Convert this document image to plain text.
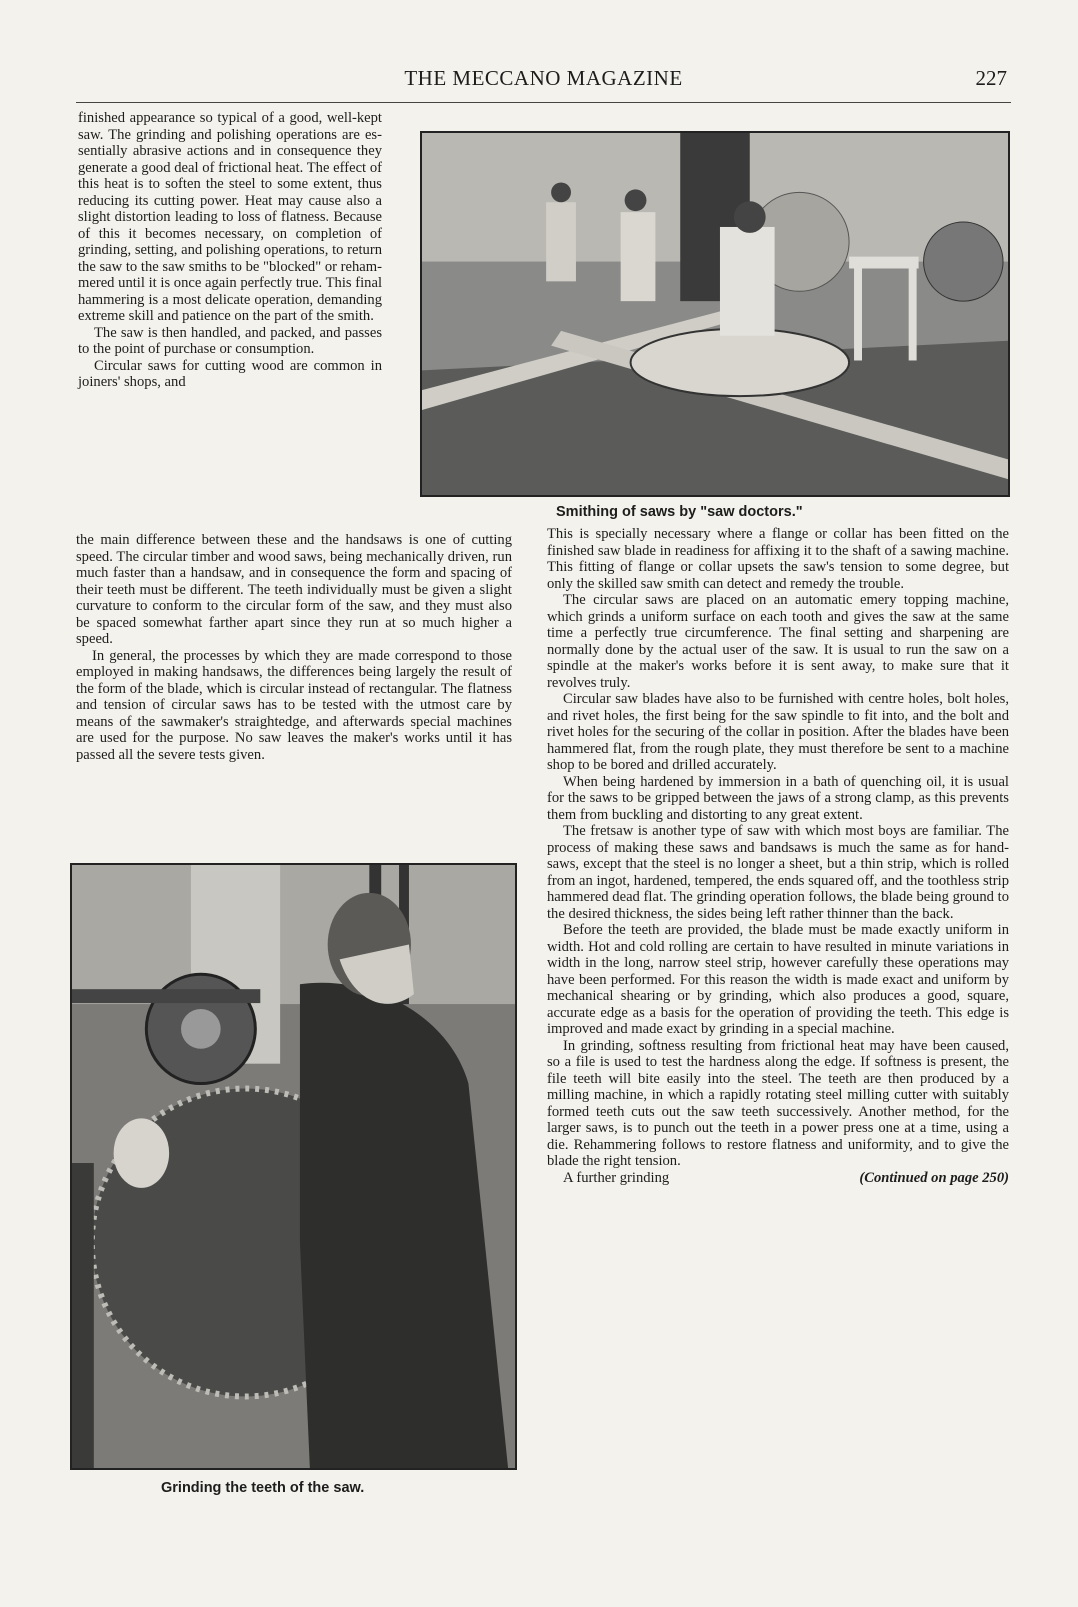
THE MECCANO MAGAZINE	227

finished appearance so typical of a good, well-kept saw. The grinding and polishing operations are essentially abrasive actions and in consequence they generate a good deal of frictional heat. The effect of this heat is to soften the steel to some extent, thus reducing its cutting power. Heat may cause also a slight distortion leading to loss of flatness. Because of this it becomes necessary, on completion of grinding, setting, and polishing operations, to return the saw to the saw smiths to be "blocked" or rehammered until it is once again perfectly true. This final hammering is a most delicate operation, demanding extreme skill and patience on the part of the smith.

The saw is then handled, and packed, and passes to the point of purchase or consumption.

Circular saws for cutting wood are common in joiners' shops, and

the main difference between these and the handsaws is one of cutting speed. The circular timber and wood saws, being mechanically driven, run much faster than a handsaw, and in consequence the form and spacing of their teeth must be different. The teeth individually must be given a slight curvature to conform to the circular form of the saw, and they must also be spaced somewhat farther apart since they run at so much higher a speed.

In general, the processes by which they are made correspond to those employed in making handsaws, the differences being largely the result of the form of the blade, which is circular instead of rectangular. The flatness and tension of circular saws has to be tested with the utmost care by means of the sawmaker's straightedge, and afterwards special machines are used for the purpose. No saw leaves the maker's works until it has passed all the severe tests given.

Smithing of saws by "saw doctors."

This is specially necessary where a flange or collar has been fitted on the finished saw blade in readiness for affixing it to the shaft of a sawing machine. This fitting of flange or collar upsets the saw's tension to some degree, but only the skilled saw smith can detect and remedy the trouble.

The circular saws are placed on an automatic emery topping machine, which grinds a uniform surface on each tooth and gives the saw at the same time a perfectly true circumference. The final setting and sharpening are normally done by the actual user of the saw. It is usual to run the saw on a spindle at the maker's works before it is sent away, to make sure that it revolves truly.

Circular saw blades have also to be furnished with centre holes, bolt holes, and rivet holes, the first being for the saw spindle to fit into, and the bolt and rivet holes for the securing of the collar in position. After the blades have been hammered flat, from the rough plate, they must therefore be sent to a machine shop to be bored and drilled accurately.

When being hardened by immersion in a bath of quenching oil, it is usual for the saws to be gripped between the jaws of a strong clamp, as this prevents them from buckling and distorting to any great extent.

The fretsaw is another type of saw with which most boys are familiar. The process of making these saws and bandsaws is much the same as for handsaws, except that the steel is no longer a sheet, but a thin strip, which is rolled from an ingot, hardened, tempered, the ends squared off, and the toothless strip hammered dead flat. The grinding operation follows, the blade being ground to the desired thickness, the sides being left rather thinner than the back.

Before the teeth are provided, the blade must be made exactly uniform in width. Hot and cold rolling are certain to have resulted in minute variations in width in the long, narrow steel strip, however carefully these operations may have been performed. For this reason the width is made exact and uniform by mechanical shearing or by grinding, which also produces a good, square, accurate edge as a basis for the operation of providing the teeth. This edge is improved and made exact by grinding in a special machine.

In grinding, softness resulting from frictional heat may have been caused, so a file is used to test the hardness along the edge. If softness is present, the file teeth will bite easily into the steel. The teeth are then produced by a milling machine, in which a rapidly rotating steel milling cutter with suitably formed teeth cuts out the saw teeth successively. Another method, for the larger saws, is to punch out the teeth in a power press one at a time, using a die. Rehammering follows to restore flatness and uniformity, and to give the blade the right tension.

A further grinding	(Continued on page 250)

Grinding the teeth of the saw.
